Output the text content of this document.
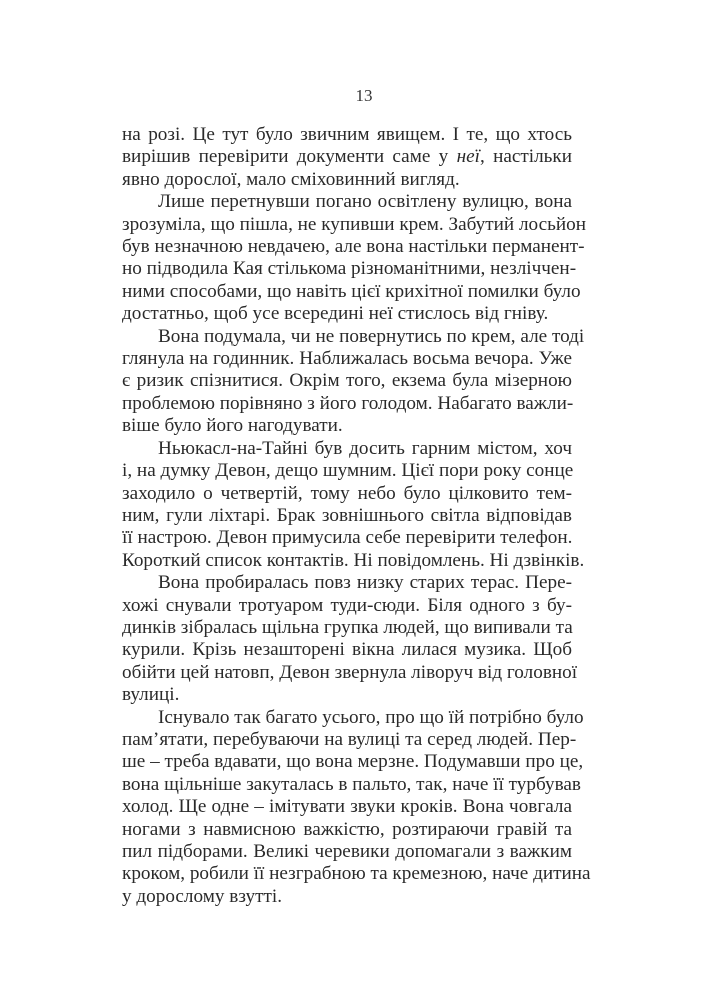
13

на розі. Це тут було звичним явищем. І те, що хтось
вирішив перевірити документи саме у нeї, настільки
явно дорослої, мало сміховинний вигляд.

Лише перетнувши погано освітлену вулицю, вона
зрозуміла, що пішла, не купивши крем. Забутий лосьйон
був незначною невдачею, але вона настільки перманент-
но підводила Кая стількома різноманітними, незліччен-
ними способами, що навіть цієї крихітної помилки було
достатньо, щоб усе всередині неї стислось від гніву.

Вона подумала, чи не повернутись по крем, але тоді
глянула на годинник. Наближалась восьма вечора. Уже
є ризик спізнитися. Окрім того, екзема була мізерною
проблемою порівняно з його голодом. Набагато важли-
віше було його нагодувати.

Ньюкасл-на-Тайні був досить гарним містом, хоч
і, на думку Девон, дещо шумним. Цієї пори року сонце
заходило о четвертій, тому небо було цілковито тем-
ним, гули ліхтарі. Брак зовнішнього світла відповідав
її настрою. Девон примусила себе перевірити телефон.
Короткий список контактів. Ні повідомлень. Ні дзвінків.

Вона пробиралась повз низку старих терас. Пере-
хожі снували тротуаром туди-сюди. Біля одного з бу-
динків зібралась щільна групка людей, що випивали та
курили. Крізь незашторені вікна лилася музика. Щоб
обійти цей натовп, Девон звернула ліворуч від головної
вулиці.

Існувало так багато усього, про що їй потрібно було
пам’ятати, перебуваючи на вулиці та серед людей. Пер-
ше – треба вдавати, що вона мерзне. Подумавши про це,
вона щільніше закуталась в пальто, так, наче її турбував
холод. Ще одне – імітувати звуки кроків. Вона човгала
ногами з навмисною важкістю, розтираючи гравій та
пил підборами. Великі черевики допомагали з важким
кроком, робили її незграбною та кремезною, наче дитина
у дорослому взутті.
